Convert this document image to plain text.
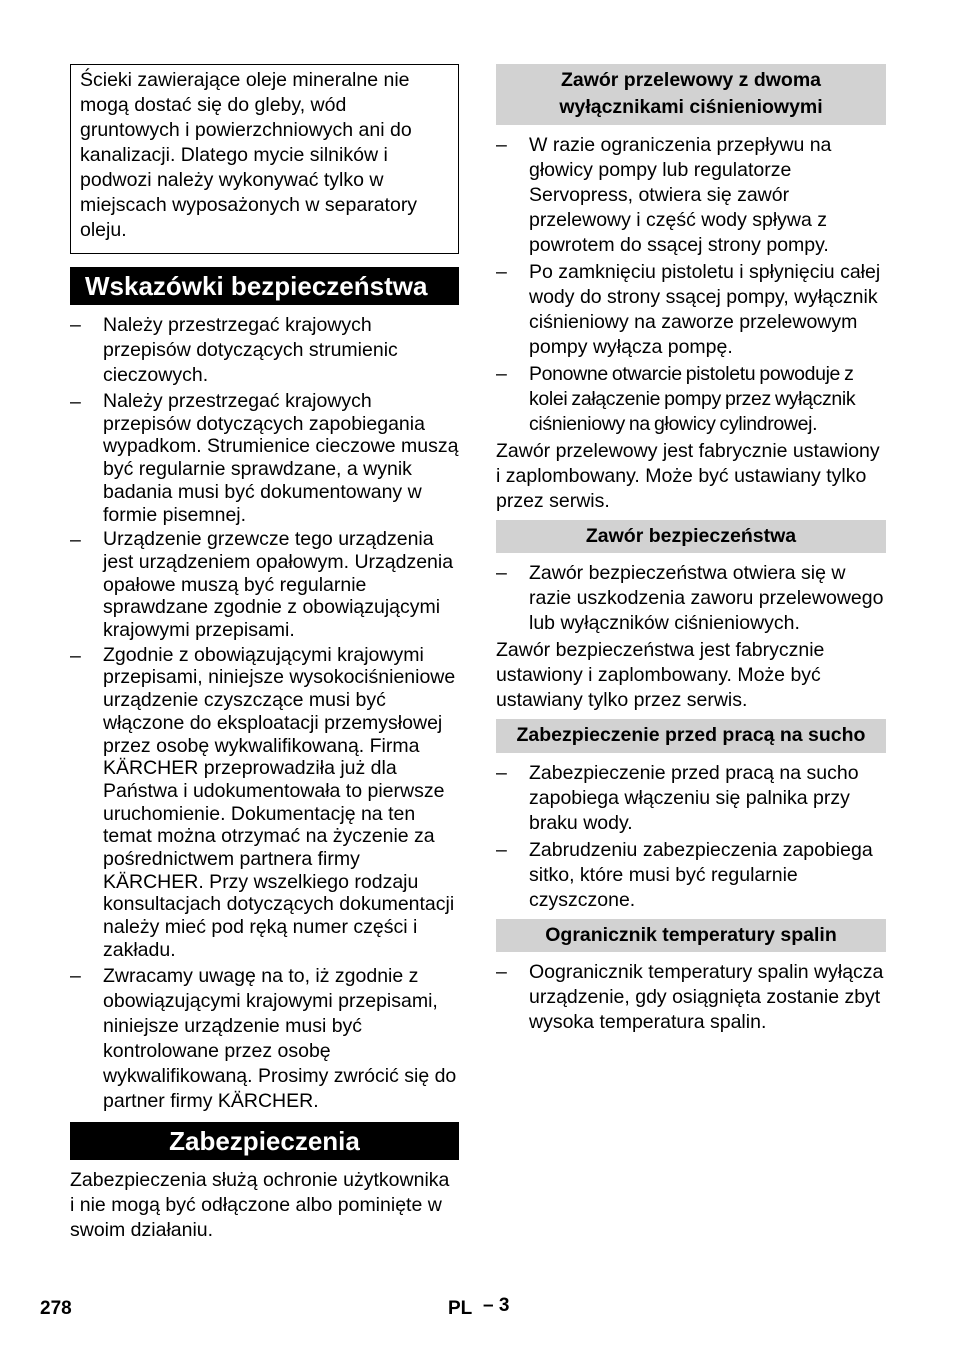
Ścieki zawierające oleje mineralne nie mogą dostać się do gleby, wód gruntowych i powierzchniowych ani do kanalizacji. Dlatego mycie silników i podwozi należy wykonywać tylko w miejscach wyposażonych w separatory oleju.
Wskazówki bezpieczeństwa
– Należy przestrzegać krajowych przepisów dotyczących strumienic cieczowych.
– Należy przestrzegać krajowych przepisów dotyczących zapobiegania wypadkom. Strumienice cieczowe muszą być regularnie sprawdzane, a wynik badania musi być dokumentowany w formie pisemnej.
– Urządzenie grzewcze tego urządzenia jest urządzeniem opałowym. Urządzenia opałowe muszą być regularnie sprawdzane zgodnie z obowiązującymi krajowymi przepisami.
– Zgodnie z obowiązującymi krajowymi przepisami, niniejsze wysokociśnieniowe urządzenie czyszczące musi być włączone do eksploatacji przemysłowej przez osobę wykwalifikowaną. Firma KÄRCHER przeprowadziła już dla Państwa i udokumentowała to pierwsze uruchomienie. Dokumentację na ten temat można otrzymać na życzenie za pośrednictwem partnera firmy KÄRCHER. Przy wszelkiego rodzaju konsultacjach dotyczących dokumentacji należy mieć pod ręką numer części i zakładu.
– Zwracamy uwagę na to, iż zgodnie z obowiązującymi krajowymi przepisami, niniejsze urządzenie musi być kontrolowane przez osobę wykwalifikowaną. Prosimy zwrócić się do partner firmy KÄRCHER.
Zabezpieczenia

Zabezpieczenia służą ochronie użytkownika i nie mogą być odłączone albo pominięte w swoim działaniu.

Zawór przelewowy z dwoma wyłącznikami ciśnieniowymi
– W razie ograniczenia przepływu na głowicy pompy lub regulatorze Servopress, otwiera się zawór przelewowy i część wody spływa z powrotem do ssącej strony pompy.
– Po zamknięciu pistoletu i spłynięciu całej wody do strony ssącej pompy, wyłącznik ciśnieniowy na zaworze przelewowym pompy wyłącza pompę.
– Ponowne otwarcie pistoletu powoduje z kolei załączenie pompy przez wyłącznik ciśnieniowy na głowicy cylindrowej.

Zawór przelewowy jest fabrycznie ustawiony i zaplombowany. Może być ustawiany tylko przez serwis.

Zawór bezpieczeństwa
– Zawór bezpieczeństwa otwiera się w razie uszkodzenia zaworu przelewowego lub wyłączników ciśnieniowych.

Zawór bezpieczeństwa jest fabrycznie ustawiony i zaplombowany. Może być ustawiany tylko przez serwis.

Zabezpieczenie przed pracą na sucho
– Zabezpieczenie przed pracą na sucho zapobiega włączeniu się palnika przy braku wody.
– Zabrudzeniu zabezpieczenia zapobiega sitko, które musi być regularnie czyszczone.
Ogranicznik temperatury spalin
– Oogranicznik temperatury spalin wyłącza urządzenie, gdy osiągnięta zostanie zbyt wysoka temperatura spalin.
278	PL – 3
